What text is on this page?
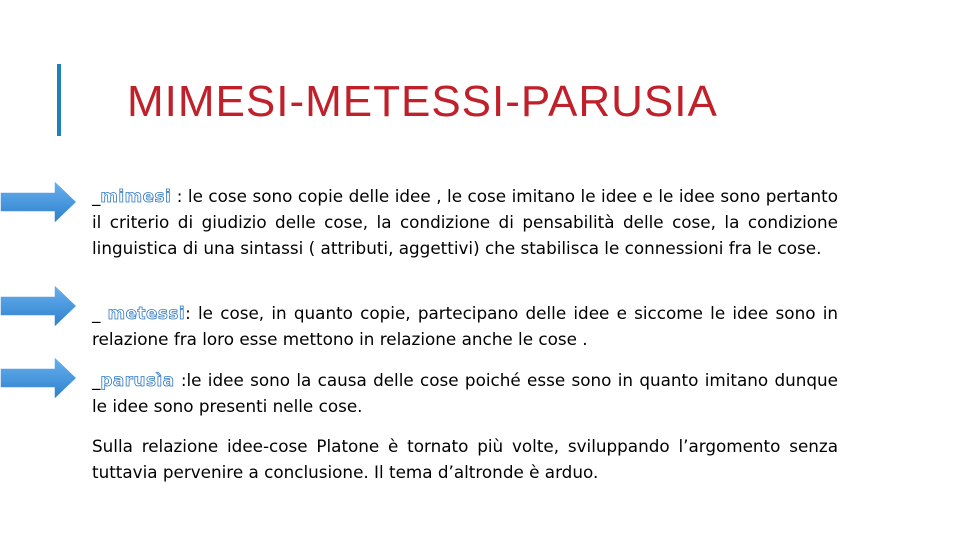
MIMESI-METESSI-PARUSIA

_mimesi : le cose sono copie delle idee , le cose imitano le idee e le idee sono pertanto il criterio di giudizio delle cose, la condizione di pensabilità delle cose, la condizione linguistica di una sintassi ( attributi, aggettivi) che stabilisca le connessioni fra le cose.

_ metessi: le cose, in quanto copie, partecipano delle idee e siccome le idee sono in relazione fra loro esse mettono in relazione anche le cose .

_parusìa :le idee sono la causa delle cose poiché esse sono in quanto imitano dunque le idee sono presenti nelle cose.

Sulla relazione idee-cose Platone è tornato più volte, sviluppando l’argomento senza tuttavia pervenire a conclusione. Il tema d’altronde è arduo.
